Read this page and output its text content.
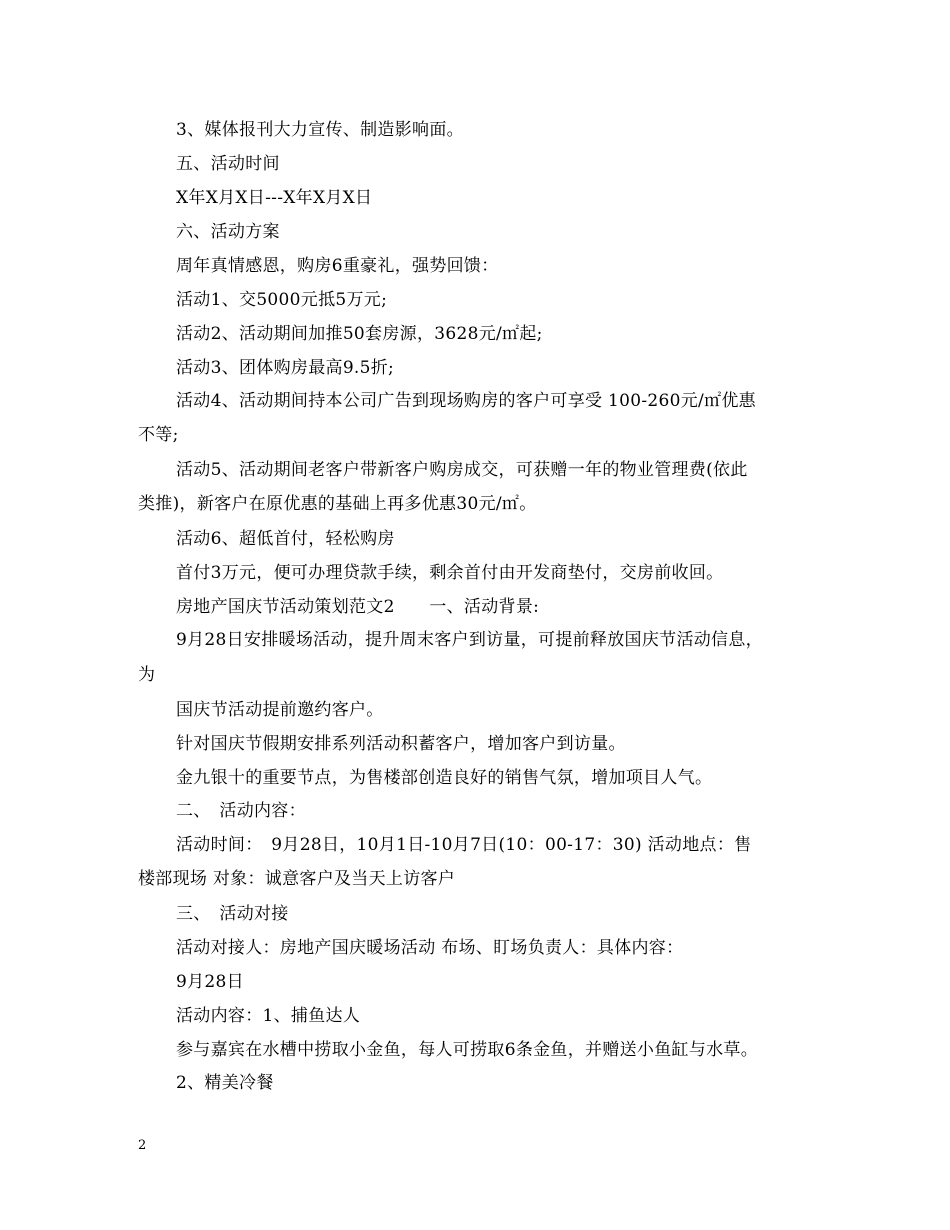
3、媒体报刊大力宣传、制造影响面。
五、活动时间
X年X月X日---X年X月X日
六、活动方案
周年真情感恩，购房6重豪礼，强势回馈：
活动1、交5000元抵5万元;
活动2、活动期间加推50套房源，3628元/㎡起;
活动3、团体购房最高9.5折;
活动4、活动期间持本公司广告到现场购房的客户可享受 100-260元/㎡优惠
不等;
活动5、活动期间老客户带新客户购房成交，可获赠一年的物业管理费(依此
类推)，新客户在原优惠的基础上再多优惠30元/㎡。
活动6、超低首付，轻松购房
首付3万元，便可办理贷款手续，剩余首付由开发商垫付，交房前收回。
房地产国庆节活动策划范文2　　一、活动背景:
9月28日安排暖场活动，提升周末客户到访量，可提前释放国庆节活动信息，
为
国庆节活动提前邀约客户。
针对国庆节假期安排系列活动积蓄客户，增加客户到访量。
金九银十的重要节点，为售楼部创造良好的销售气氛，增加项目人气。
二、　活动内容：
活动时间：　9月28日，10月1日-10月7日(10：00-17：30) 活动地点：售
楼部现场 对象：诚意客户及当天上访客户
三、　活动对接
活动对接人：房地产国庆暖场活动 布场、盯场负责人：具体内容：
9月28日
活动内容：1、捕鱼达人
参与嘉宾在水槽中捞取小金鱼，每人可捞取6条金鱼，并赠送小鱼缸与水草。
2、精美冷餐
2
